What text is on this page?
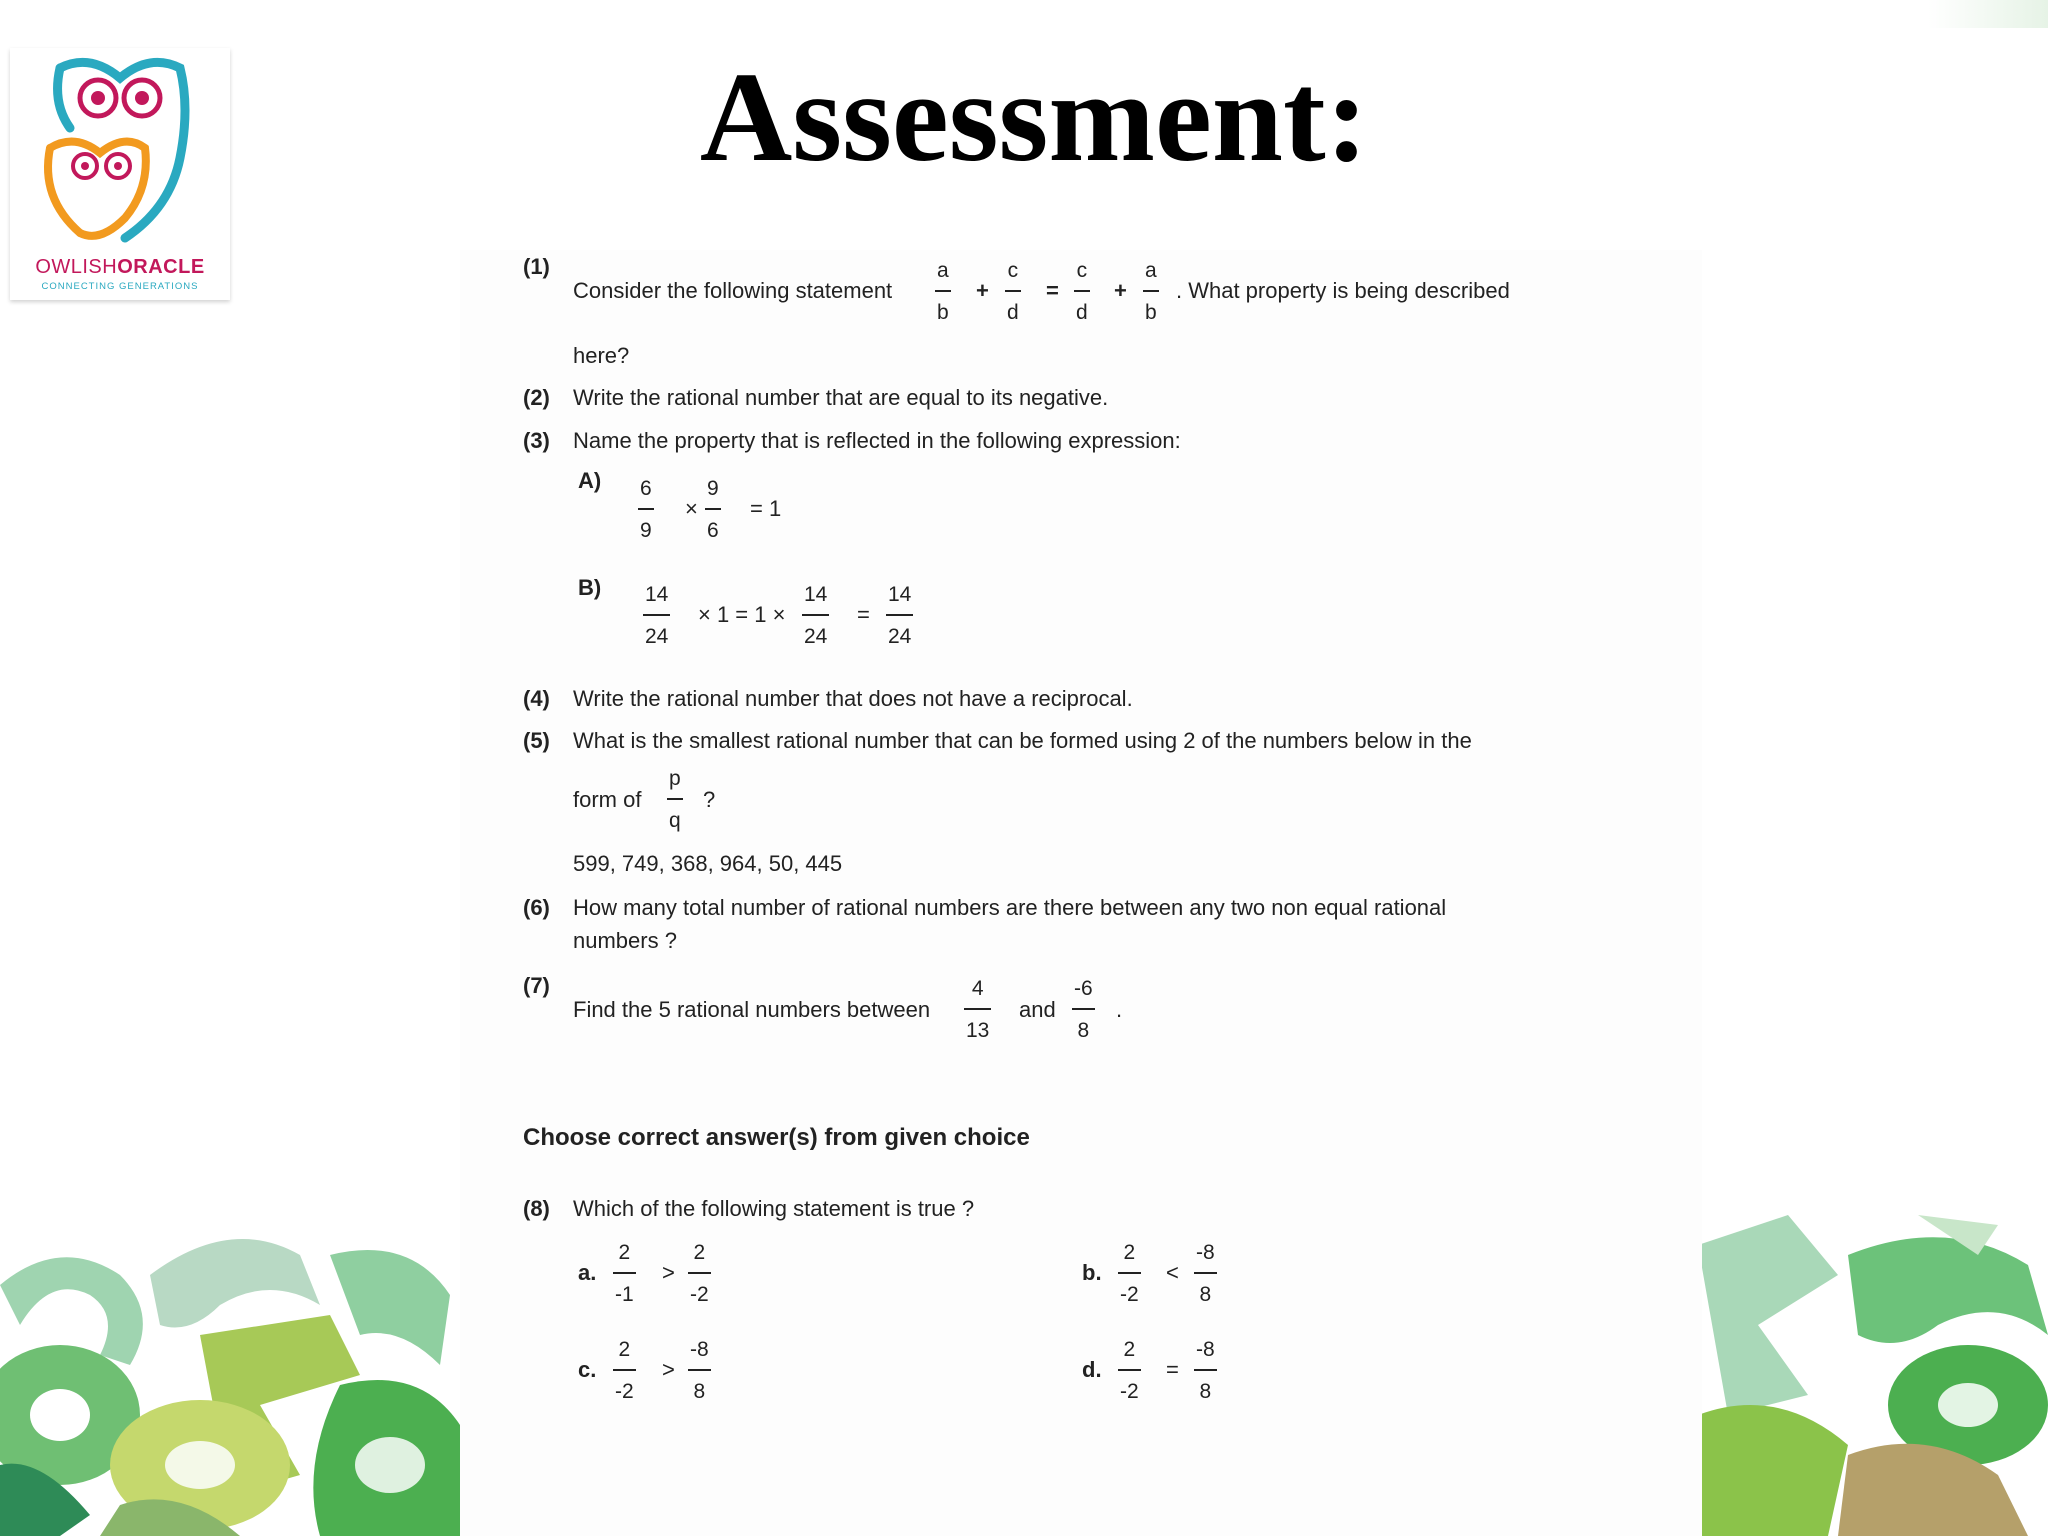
OWLISHORACLE
CONNECTING GENERATIONS
Assessment:
(1)
Consider the following statement
a
b
+
c
d
=
c
d
+
a
b
. What property is being described
here?
(2) Write the rational number that are equal to its negative.
(3) Name the property that is reflected in the following expression:
A) 6
9
×
9
6
= 1
B) 14
24
× 1 = 1 ×
14
24
=
14
24
(4) Write the rational number that does not have a reciprocal.
(5) What is the smallest rational number that can be formed using 2 of the numbers below in the
form of
p
q
?
599, 749, 368, 964, 50, 445
(6) How many total number of rational numbers are there between any two non equal rational
numbers ?
(7)
Find the 5 rational numbers between
4
13
and
-6
8
.
Choose correct answer(s) from given choice
(8) Which of the following statement is true ?
a.
2
-1
>
2
-2
b.
2
-2
<
-8
8
c.
2
-2
>
-8
8
d.
2
-2
=
-8
8
